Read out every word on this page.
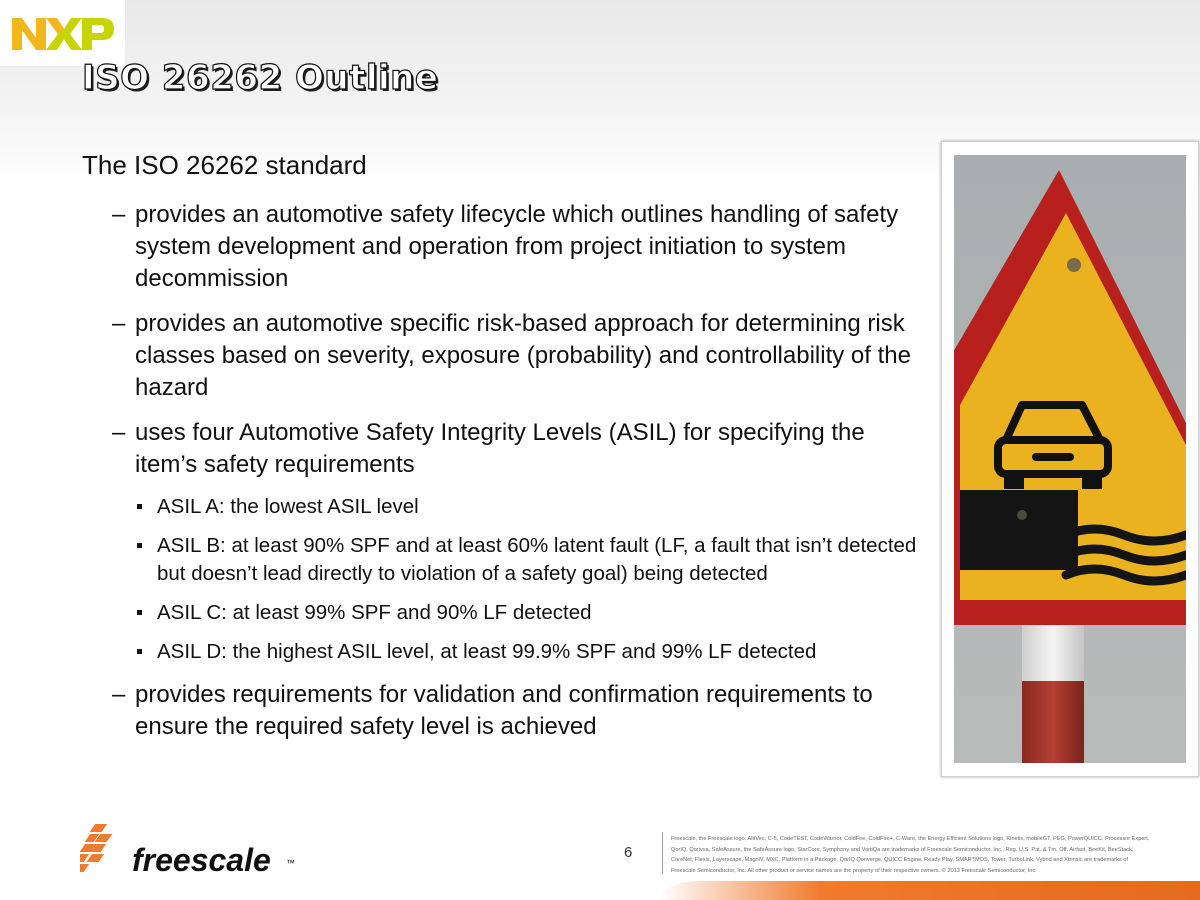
ISO 26262 Outline

The ISO 26262 standard

– provides an automotive safety lifecycle which outlines handling of safety system development and operation from project initiation to system decommission
– provides an automotive specific risk-based approach for determining risk classes based on severity, exposure (probability) and controllability of the hazard
– uses four Automotive Safety Integrity Levels (ASIL) for specifying the item’s safety requirements
ASIL A: the lowest ASIL level
ASIL B: at least 90% SPF and at least 60% latent fault (LF, a fault that isn’t detected but doesn’t lead directly to violation of a safety goal) being detected
ASIL C: at least 99% SPF and 90% LF detected
ASIL D: the highest ASIL level, at least 99.9% SPF and 99% LF detected
– provides requirements for validation and confirmation requirements to ensure the required safety level is achieved
freescale ™
6
Freescale, the Freescale logo, AltiVec, C-5, CodeTEST, CodeWarrior, ColdFire, ColdFire+, C-Ware, the Energy Efficient Solutions logo, Kinetis, mobileGT, PEG, PowerQUICC, Processor Expert, QorIQ, Qorivva, SafeAssure, the SafeAssure logo, StarCore, Symphony and VortiQa are trademarks of Freescale Semiconductor, Inc., Reg. U.S. Pat. & Tm. Off. Airfast, BeeKit, BeeStack, CoreNet, Flexis, Layerscape, MagniV, MXC, Platform in a Package, QorIQ Qonverge, QUICC Engine, Ready Play, SMARTMOS, Tower, TurboLink, Vybrid and Xtrinsic are trademarks of Freescale Semiconductor, Inc. All other product or service names are the property of their respective owners. © 2013 Freescale Semiconductor, Inc.
